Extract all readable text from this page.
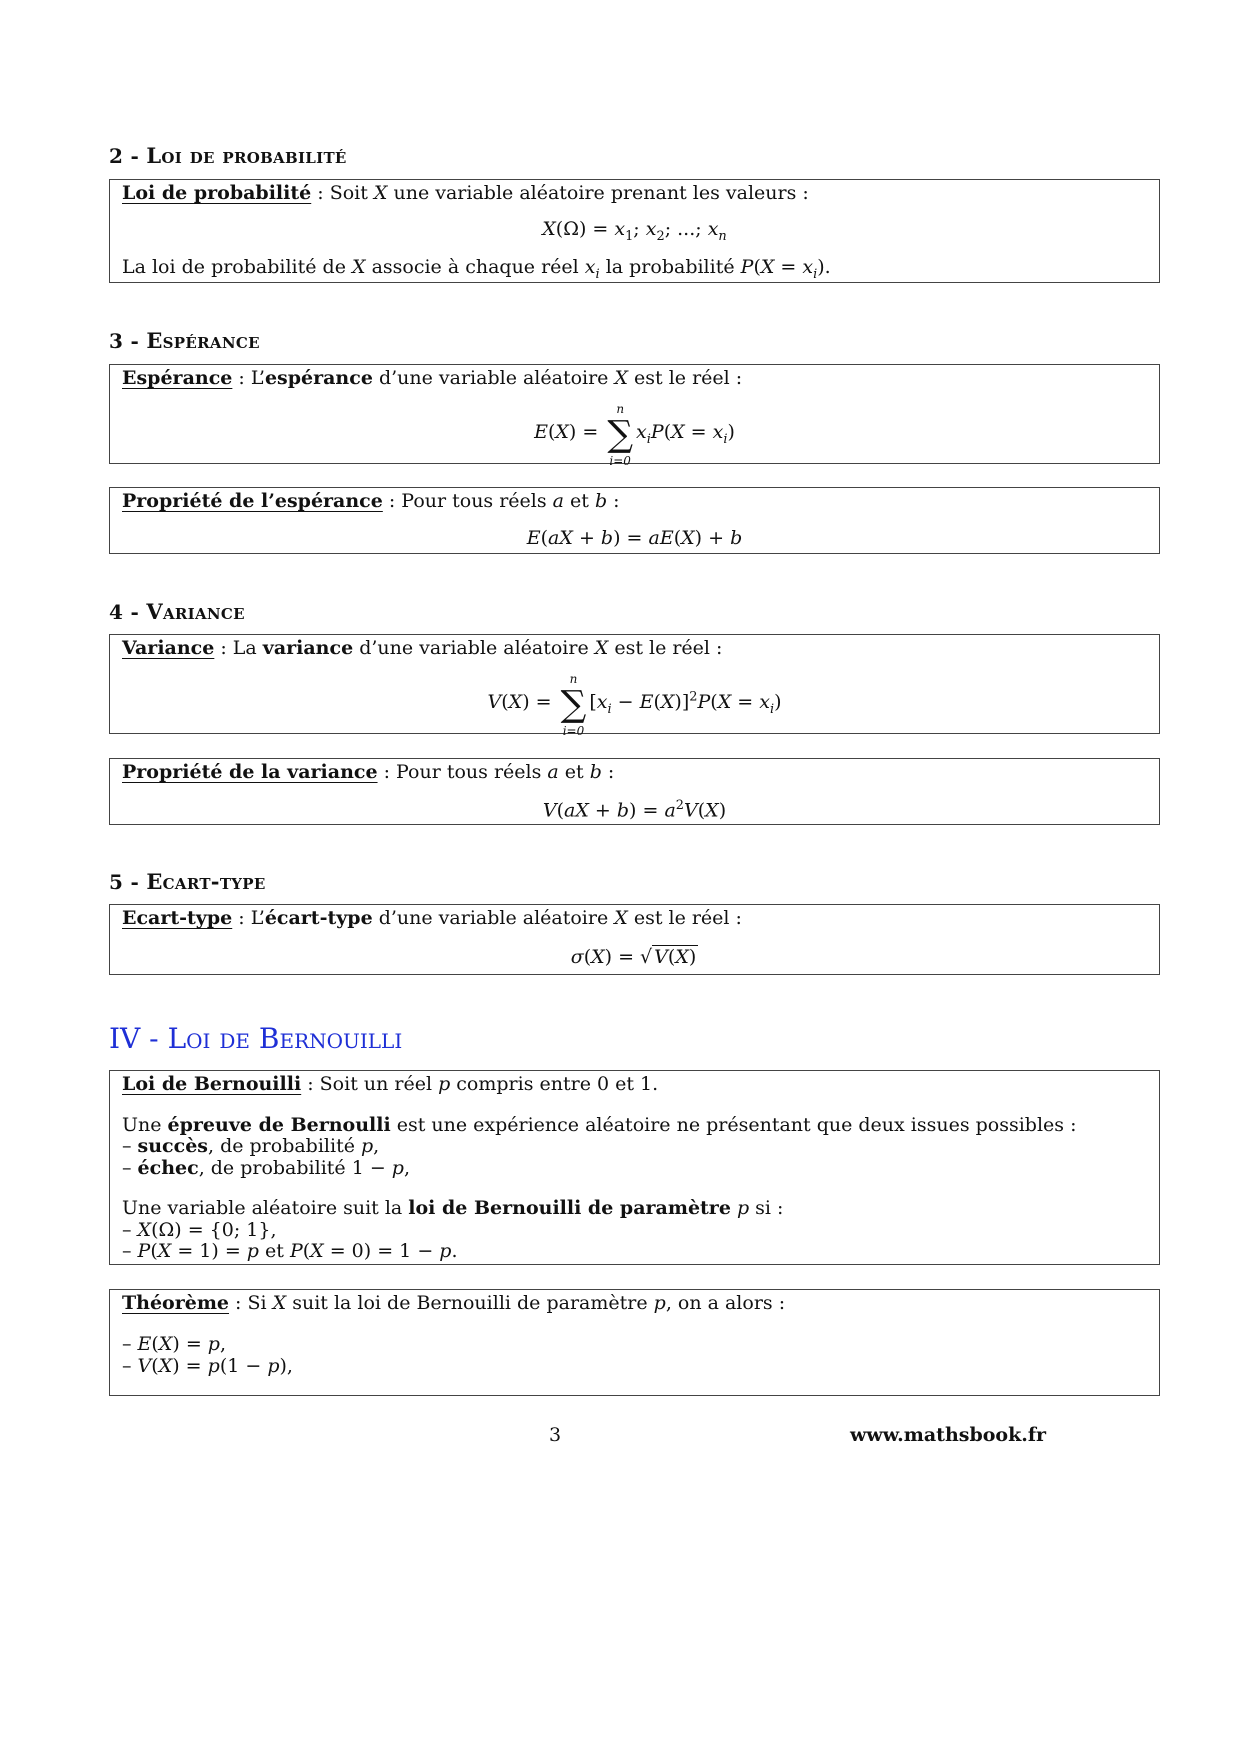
2 - Loi de probabilité
Loi de probabilité : Soit X une variable aléatoire prenant les valeurs :
$X(\Omega) = x_1$; $x_2$; ...; $x_n$
La loi de probabilité de X associe à chaque réel $x_i$ la probabilité $P(X = x_i)$.
3 - Espérance
Espérance : L’espérance d’une variable aléatoire X est le réel :
E(X) = ∑
n
i=0
$x_iP(X = x_i)$
Propriété de l’espérance : Pour tous réels a et b :
E(aX + b) = aE(X) + b
4 - Variance
Variance : La variance d’une variable aléatoire X est le réel :
V(X) = ∑
n
i=0
$[x_i - E(X)]^2P(X = x_i)$
Propriété de la variance : Pour tous réels a et b :
$V(aX + b) = a^2V(X)$
5 - Ecart-type
Ecart-type : L’écart-type d’une variable aléatoire X est le réel :
σ(X) = √ V(X)
IV - Loi de Bernouilli
Loi de Bernouilli : Soit un réel p compris entre 0 et 1.
Une épreuve de Bernoulli est une expérience aléatoire ne présentant que deux issues possibles :
– succès, de probabilité p,
– échec, de probabilité 1 − p,
Une variable aléatoire suit la loi de Bernouilli de paramètre p si :
– X(Ω) = {0; 1},
– P(X = 1) = p et P(X = 0) = 1 − p.
Théorème : Si X suit la loi de Bernouilli de paramètre p, on a alors :
– E(X) = p,
– V(X) = p(1 − p),
3	www.mathsbook.fr
